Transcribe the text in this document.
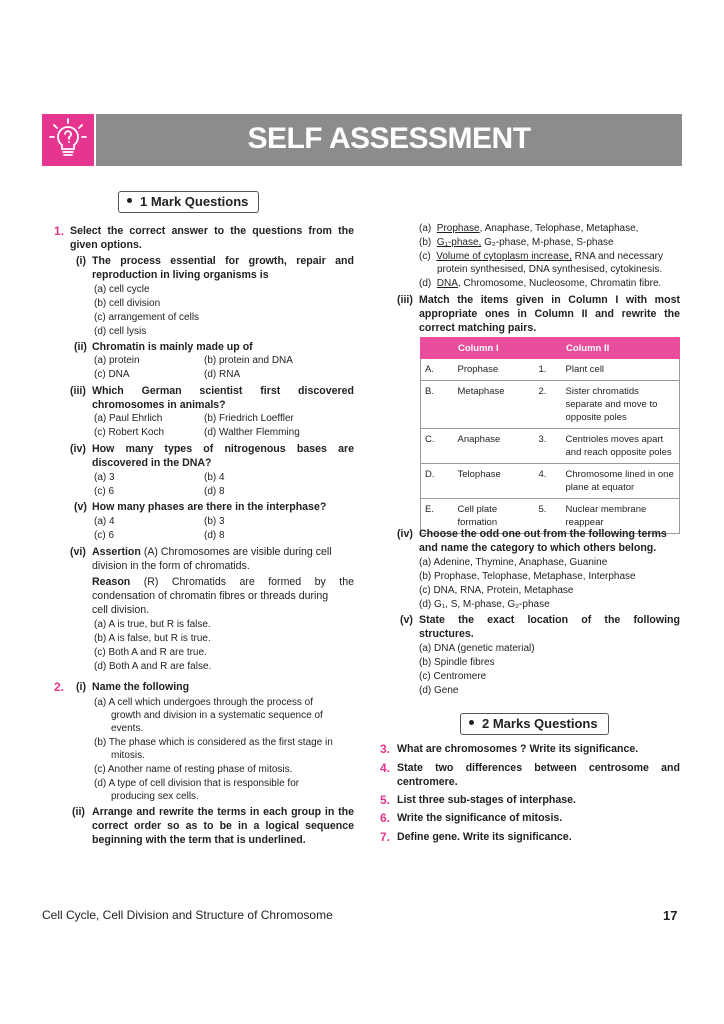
SELF ASSESSMENT
1 Mark Questions
1. Select the correct answer to the questions from the
given options.
(i) The process essential for growth, repair and
reproduction in living organisms is
(a) cell cycle
(b) cell division
(c) arrangement of cells
(d) cell lysis
(ii) Chromatin is mainly made up of
(a) protein	(b) protein and DNA
(c) DNA	(d) RNA
(iii) Which German scientist first discovered
chromosomes in animals?
(a) Paul Ehrlich	(b) Friedrich Loeffler
(c) Robert Koch	(d) Walther Flemming
(iv) How many types of nitrogenous bases are
discovered in the DNA?
(a) 3	(b) 4
(c) 6	(d) 8
(v) How many phases are there in the interphase?
(a) 4	(b) 3
(c) 6	(d) 8
(vi) Assertion (A) Chromosomes are visible during cell
division in the form of chromatids.
Reason (R) Chromatids are formed by the
condensation of chromatin fibres or threads during
cell division.
(a) A is true, but R is false.
(b) A is false, but R is true.
(c) Both A and R are true.
(d) Both A and R are false.
2. (i) Name the following
(a) A cell which undergoes through the process of
growth and division in a systematic sequence of
events.
(b) The phase which is considered as the first stage in
mitosis.
(c) Another name of resting phase of mitosis.
(d) A type of cell division that is responsible for
producing sex cells.
(ii) Arrange and rewrite the terms in each group in the
correct order so as to be in a logical sequence
beginning with the term that is underlined.
(a) Prophase, Anaphase, Telophase, Metaphase,
(b) G₁-phase, G₂-phase, M-phase, S-phase
(c) Volume of cytoplasm increase, RNA and necessary
protein synthesised, DNA synthesised, cytokinesis.
(d) DNA, Chromosome, Nucleosome, Chromatin fibre.
(iii) Match the items given in Column I with most
appropriate ones in Column II and rewrite the
correct matching pairs.
	Column I		Column II
A.	Prophase	1.	Plant cell
B.	Metaphase	2.	Sister chromatids separate and move to opposite poles
C.	Anaphase	3.	Centrioles moves apart and reach opposite poles
D.	Telophase	4.	Chromosome lined in one plane at equator
E.	Cell plate formation	5.	Nuclear membrane reappear
(iv) Choose the odd one out from the following terms
and name the category to which others belong.
(a) Adenine, Thymine, Anaphase, Guanine
(b) Prophase, Telophase, Metaphase, Interphase
(c) DNA, RNA, Protein, Metaphase
(d) G₁, S, M-phase, G₂-phase
(v) State the exact location of the following
structures.
(a) DNA (genetic material)
(b) Spindle fibres
(c) Centromere
(d) Gene
2 Marks Questions
3. What are chromosomes ? Write its significance.
4. State two differences between centrosome and
centromere.
5. List three sub-stages of interphase.
6. Write the significance of mitosis.
7. Define gene. Write its significance.
Cell Cycle, Cell Division and Structure of Chromosome	17
